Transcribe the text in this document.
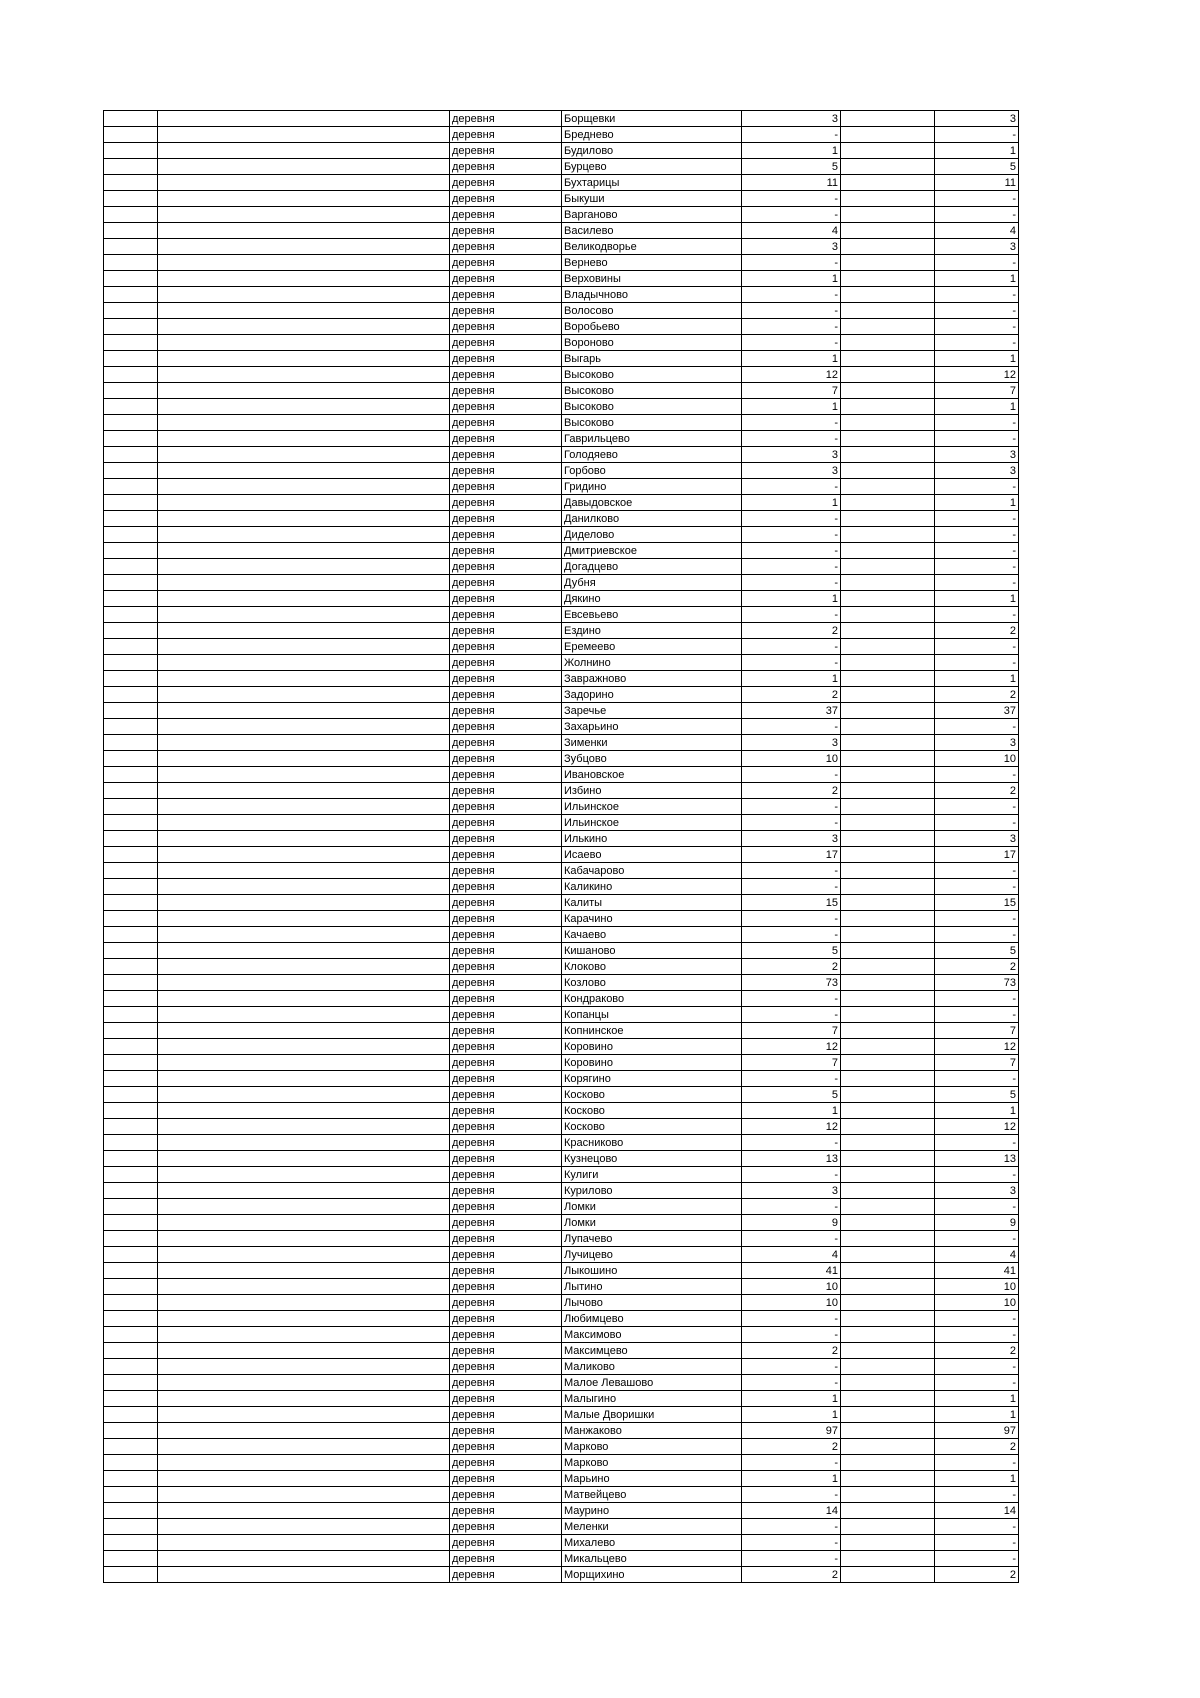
		деревня	Борщевки	3		3
		деревня	Бреднево	-		-
		деревня	Будилово	1		1
		деревня	Бурцево	5		5
		деревня	Бухтарицы	11		11
		деревня	Быкуши	-		-
		деревня	Варганово	-		-
		деревня	Василево	4		4
		деревня	Великодворье	3		3
		деревня	Вернево	-		-
		деревня	Верховины	1		1
		деревня	Владычново	-		-
		деревня	Волосово	-		-
		деревня	Воробьево	-		-
		деревня	Вороново	-		-
		деревня	Выгарь	1		1
		деревня	Высоково	12		12
		деревня	Высоково	7		7
		деревня	Высоково	1		1
		деревня	Высоково	-		-
		деревня	Гаврильцево	-		-
		деревня	Голодяево	3		3
		деревня	Горбово	3		3
		деревня	Гридино	-		-
		деревня	Давыдовское	1		1
		деревня	Данилково	-		-
		деревня	Диделово	-		-
		деревня	Дмитриевское	-		-
		деревня	Догадцево	-		-
		деревня	Дубня	-		-
		деревня	Дякино	1		1
		деревня	Евсевьево	-		-
		деревня	Ездино	2		2
		деревня	Еремеево	-		-
		деревня	Жолнино	-		-
		деревня	Завражново	1		1
		деревня	Задорино	2		2
		деревня	Заречье	37		37
		деревня	Захарьино	-		-
		деревня	Зименки	3		3
		деревня	Зубцово	10		10
		деревня	Ивановское	-		-
		деревня	Избино	2		2
		деревня	Ильинское	-		-
		деревня	Ильинское	-		-
		деревня	Илькино	3		3
		деревня	Исаево	17		17
		деревня	Кабачарово	-		-
		деревня	Каликино	-		-
		деревня	Калиты	15		15
		деревня	Карачино	-		-
		деревня	Качаево	-		-
		деревня	Кишаново	5		5
		деревня	Клоково	2		2
		деревня	Козлово	73		73
		деревня	Кондраково	-		-
		деревня	Копанцы	-		-
		деревня	Копнинское	7		7
		деревня	Коровино	12		12
		деревня	Коровино	7		7
		деревня	Корягино	-		-
		деревня	Косково	5		5
		деревня	Косково	1		1
		деревня	Косково	12		12
		деревня	Красниково	-		-
		деревня	Кузнецово	13		13
		деревня	Кулиги	-		-
		деревня	Курилово	3		3
		деревня	Ломки	-		-
		деревня	Ломки	9		9
		деревня	Лупачево	-		-
		деревня	Лучицево	4		4
		деревня	Лыкошино	41		41
		деревня	Лытино	10		10
		деревня	Лычово	10		10
		деревня	Любимцево	-		-
		деревня	Максимово	-		-
		деревня	Максимцево	2		2
		деревня	Маликово	-		-
		деревня	Малое Левашово	-		-
		деревня	Малыгино	1		1
		деревня	Малые Дворишки	1		1
		деревня	Манжаково	97		97
		деревня	Марково	2		2
		деревня	Марково	-		-
		деревня	Марьино	1		1
		деревня	Матвейцево	-		-
		деревня	Маурино	14		14
		деревня	Меленки	-		-
		деревня	Михалево	-		-
		деревня	Микальцево	-		-
		деревня	Морщихино	2		2
